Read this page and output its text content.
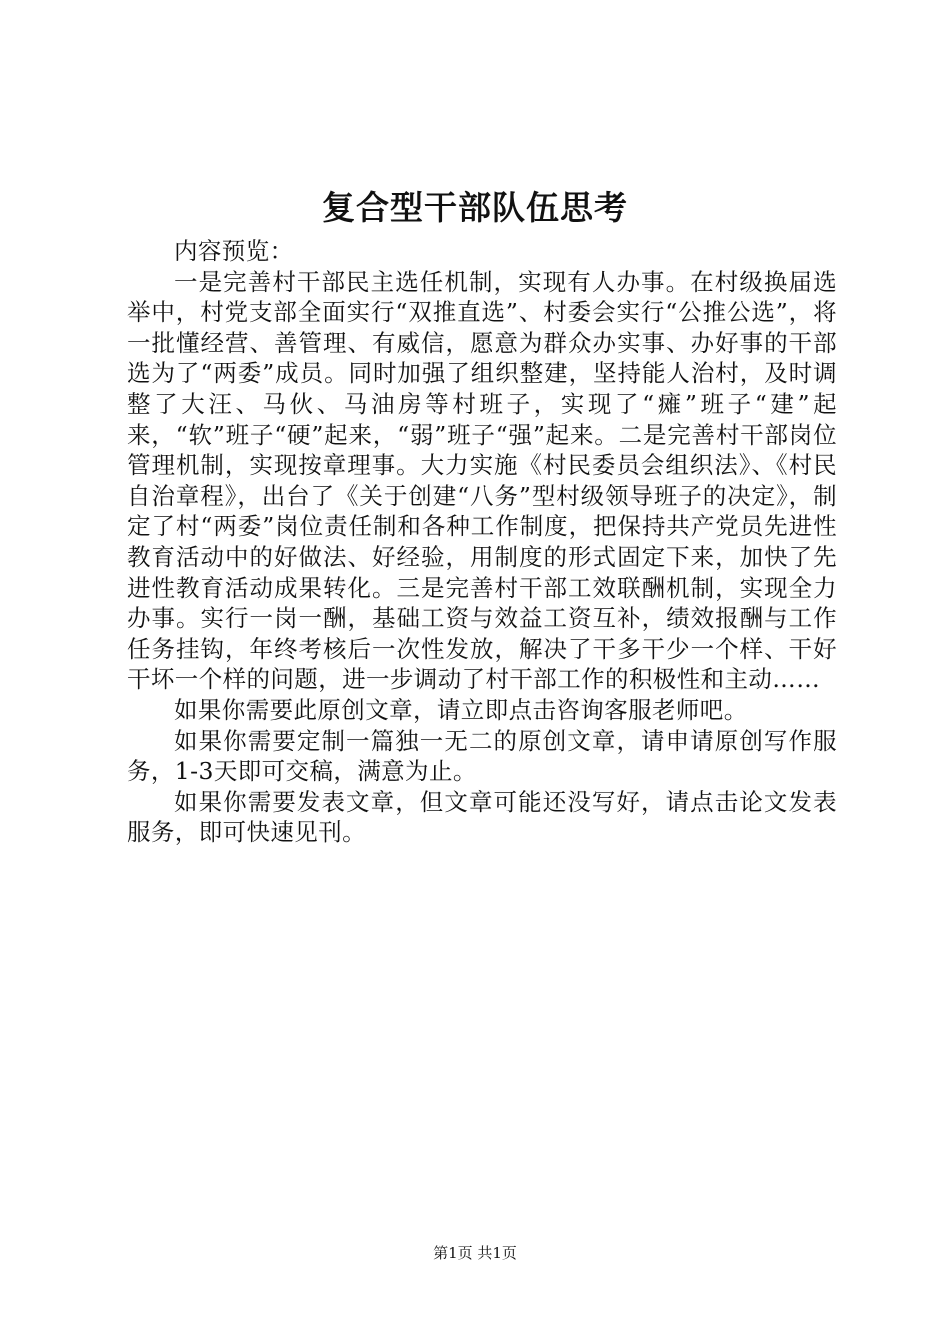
复合型干部队伍思考

内容预览：

一是完善村干部民主选任机制，实现有人办事。在村级换届选举中，村党支部全面实行“双推直选”、村委会实行“公推公选”，将一批懂经营、善管理、有威信，愿意为群众办实事、办好事的干部选为了“两委”成员。同时加强了组织整建，坚持能人治村，及时调整了大汪、马伙、马油房等村班子，实现了“瘫”班子“建”起来，“软”班子“硬”起来，“弱”班子“强”起来。二是完善村干部岗位管理机制，实现按章理事。大力实施《村民委员会组织法》、《村民自治章程》，出台了《关于创建“八务”型村级领导班子的决定》，制定了村“两委”岗位责任制和各种工作制度，把保持共产党员先进性教育活动中的好做法、好经验，用制度的形式固定下来，加快了先进性教育活动成果转化。三是完善村干部工效联酬机制，实现全力办事。实行一岗一酬，基础工资与效益工资互补，绩效报酬与工作任务挂钩，年终考核后一次性发放，解决了干多干少一个样、干好干坏一个样的问题，进一步调动了村干部工作的积极性和主动……

如果你需要此原创文章，请立即点击咨询客服老师吧。

如果你需要定制一篇独一无二的原创文章，请申请原创写作服务，1-3天即可交稿，满意为止。

如果你需要发表文章，但文章可能还没写好，请点击论文发表服务，即可快速见刊。

第1页 共1页
